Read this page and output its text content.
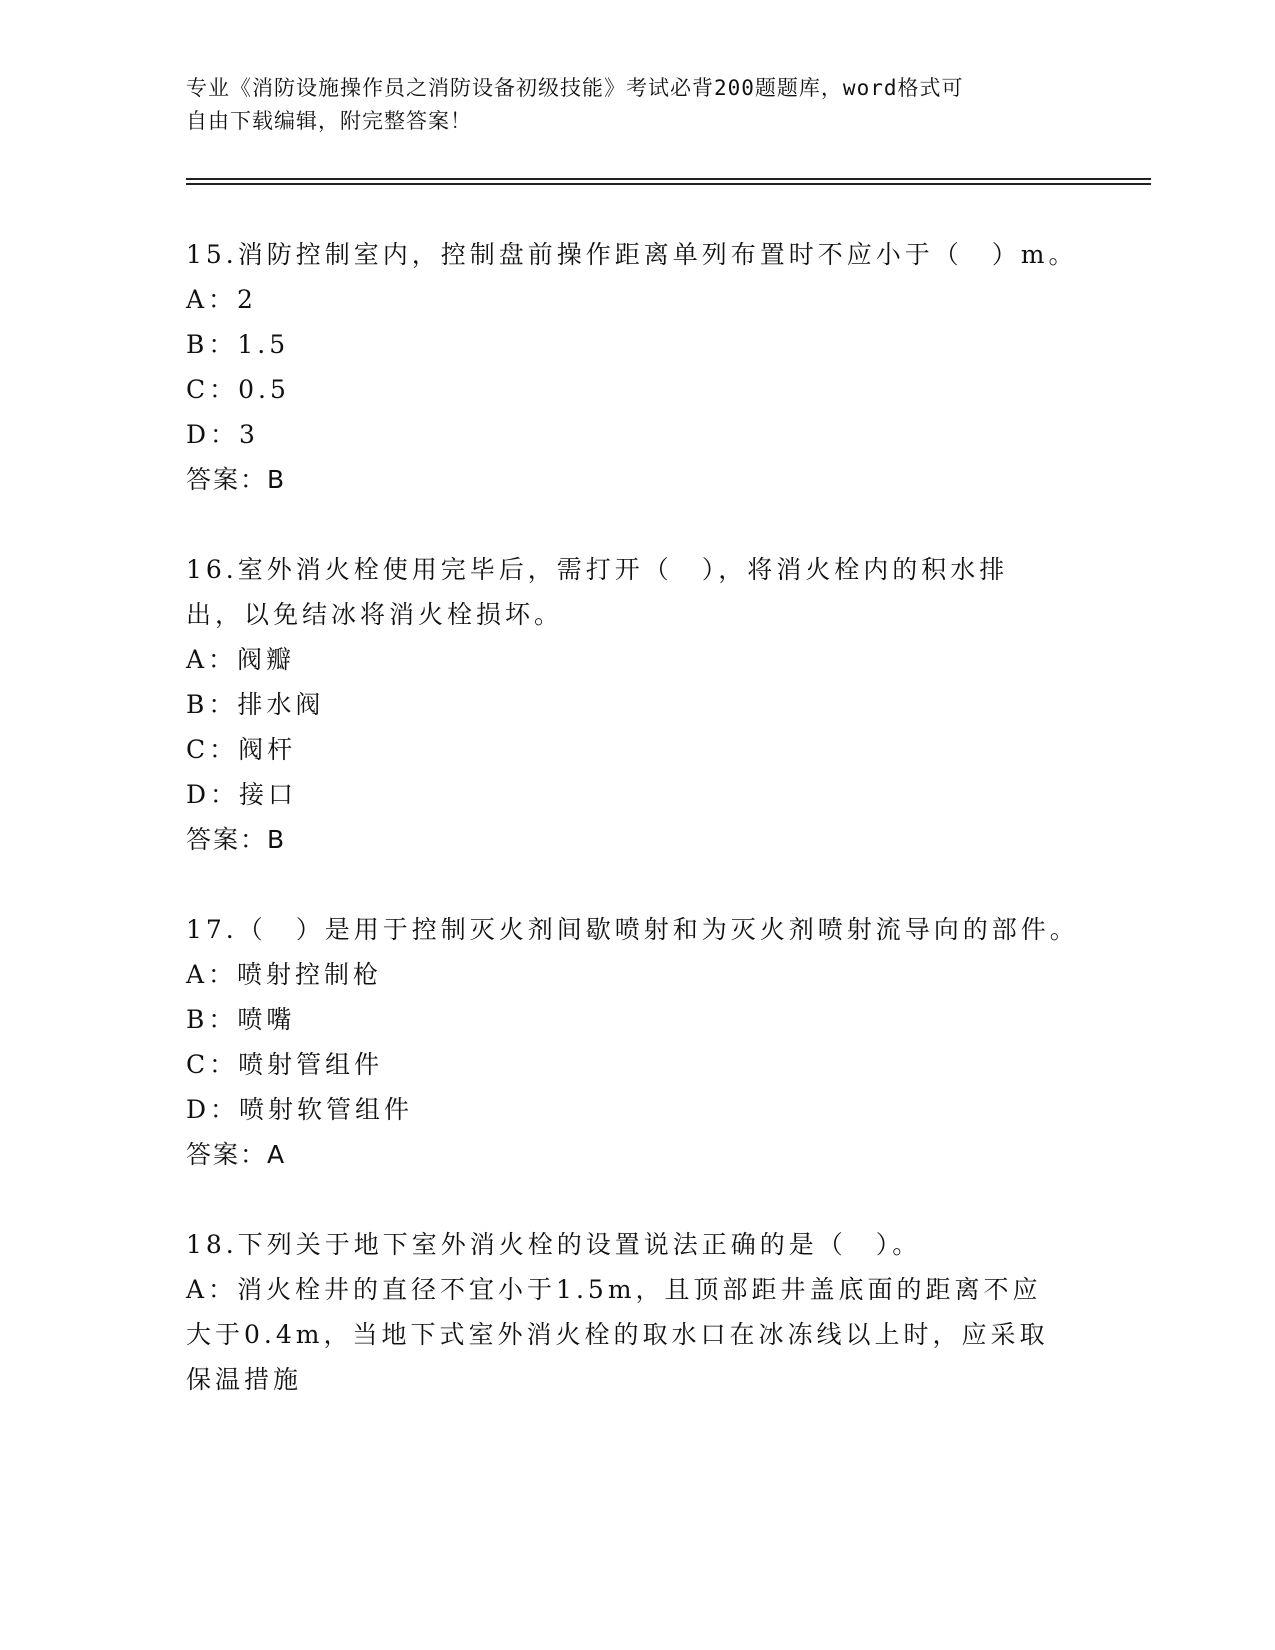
专业《消防设施操作员之消防设备初级技能》考试必背200题题库，word格式可
自由下载编辑，附完整答案！
15.消防控制室内，控制盘前操作距离单列布置时不应小于（　）m。
A：2
B：1.5
C：0.5
D：3
答案：B
16.室外消火栓使用完毕后，需打开（　），将消火栓内的积水排出，以免结冰将消火栓损坏。
A：阀瓣
B：排水阀
C：阀杆
D：接口
答案：B
17.（　）是用于控制灭火剂间歇喷射和为灭火剂喷射流导向的部件。
A：喷射控制枪
B：喷嘴
C：喷射管组件
D：喷射软管组件
答案：A
18.下列关于地下室外消火栓的设置说法正确的是（　）。
A：消火栓井的直径不宜小于1.5m，且顶部距井盖底面的距离不应大于0.4m，当地下式室外消火栓的取水口在冰冻线以上时，应采取保温措施
